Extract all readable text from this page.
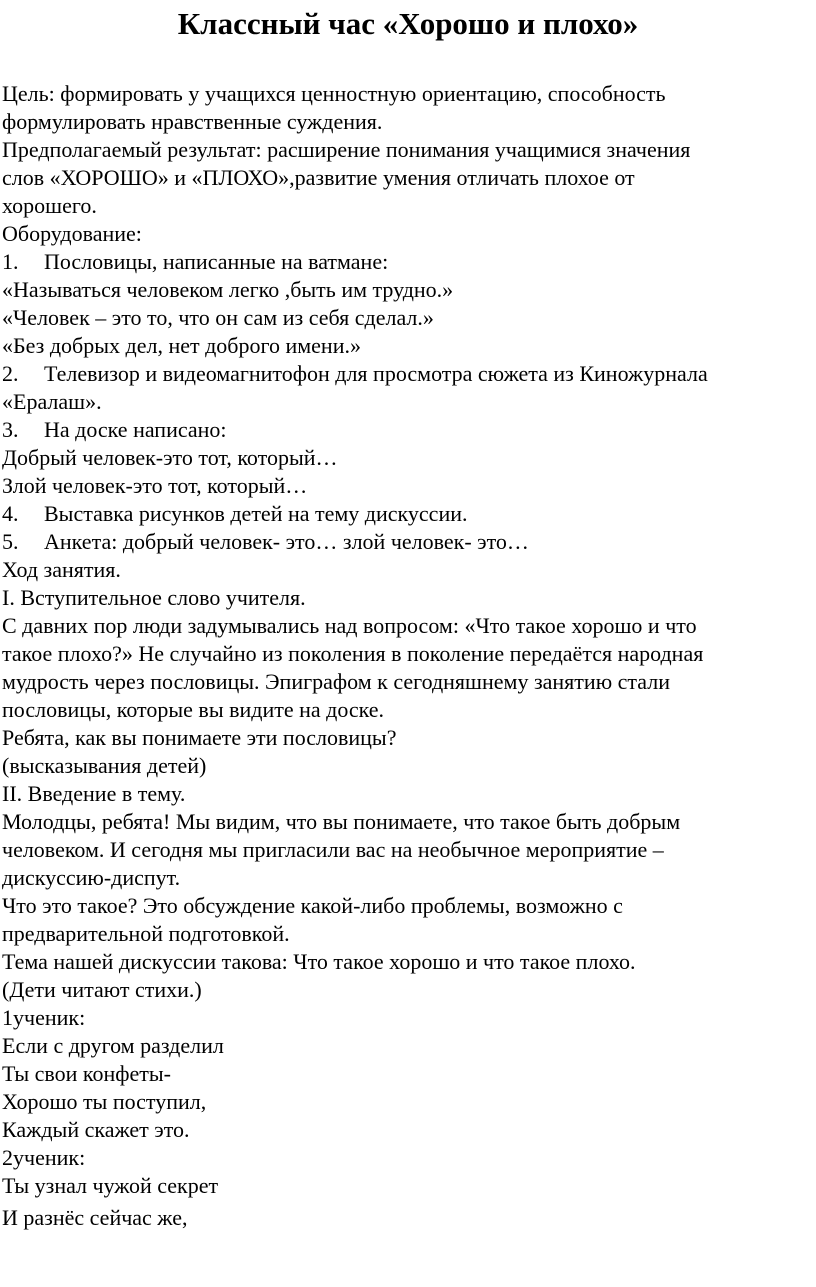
Классный час «Хорошо и плохо»
Цель: формировать у учащихся ценностную ориентацию, способность
формулировать нравственные суждения.
Предполагаемый результат: расширение понимания учащимися значения
слов «ХОРОШО» и «ПЛОХО»,развитие умения отличать плохое от
хорошего.
Оборудование:
1. Пословицы, написанные на ватмане:
«Называться человеком легко ,быть им трудно.»
«Человек – это то, что он сам из себя сделал.»
«Без добрых дел, нет доброго имени.»
2. Телевизор и видеомагнитофон для просмотра сюжета из Киножурнала
«Ералаш».
3. На доске написано:
Добрый человек-это тот, который…
Злой человек-это тот, который…
4. Выставка рисунков детей на тему дискуссии.
5. Анкета: добрый человек- это… злой человек- это…
Ход занятия.
I. Вступительное слово учителя.
С давних пор люди задумывались над вопросом: «Что такое хорошо и что
такое плохо?» Не случайно из поколения в поколение передаётся народная
мудрость через пословицы. Эпиграфом к сегодняшнему занятию стали
пословицы, которые вы видите на доске.
Ребята, как вы понимаете эти пословицы?
(высказывания детей)
II. Введение в тему.
Молодцы, ребята! Мы видим, что вы понимаете, что такое быть добрым
человеком. И сегодня мы пригласили вас на необычное мероприятие –
дискуссию-диспут.
Что это такое? Это обсуждение какой-либо проблемы, возможно с
предварительной подготовкой.
Тема нашей дискуссии такова: Что такое хорошо и что такое плохо.
(Дети читают стихи.)
1ученик:
Если с другом разделил
Ты свои конфеты-
Хорошо ты поступил,
Каждый скажет это.
2ученик:
Ты узнал чужой секрет
И разнёс сейчас же,
